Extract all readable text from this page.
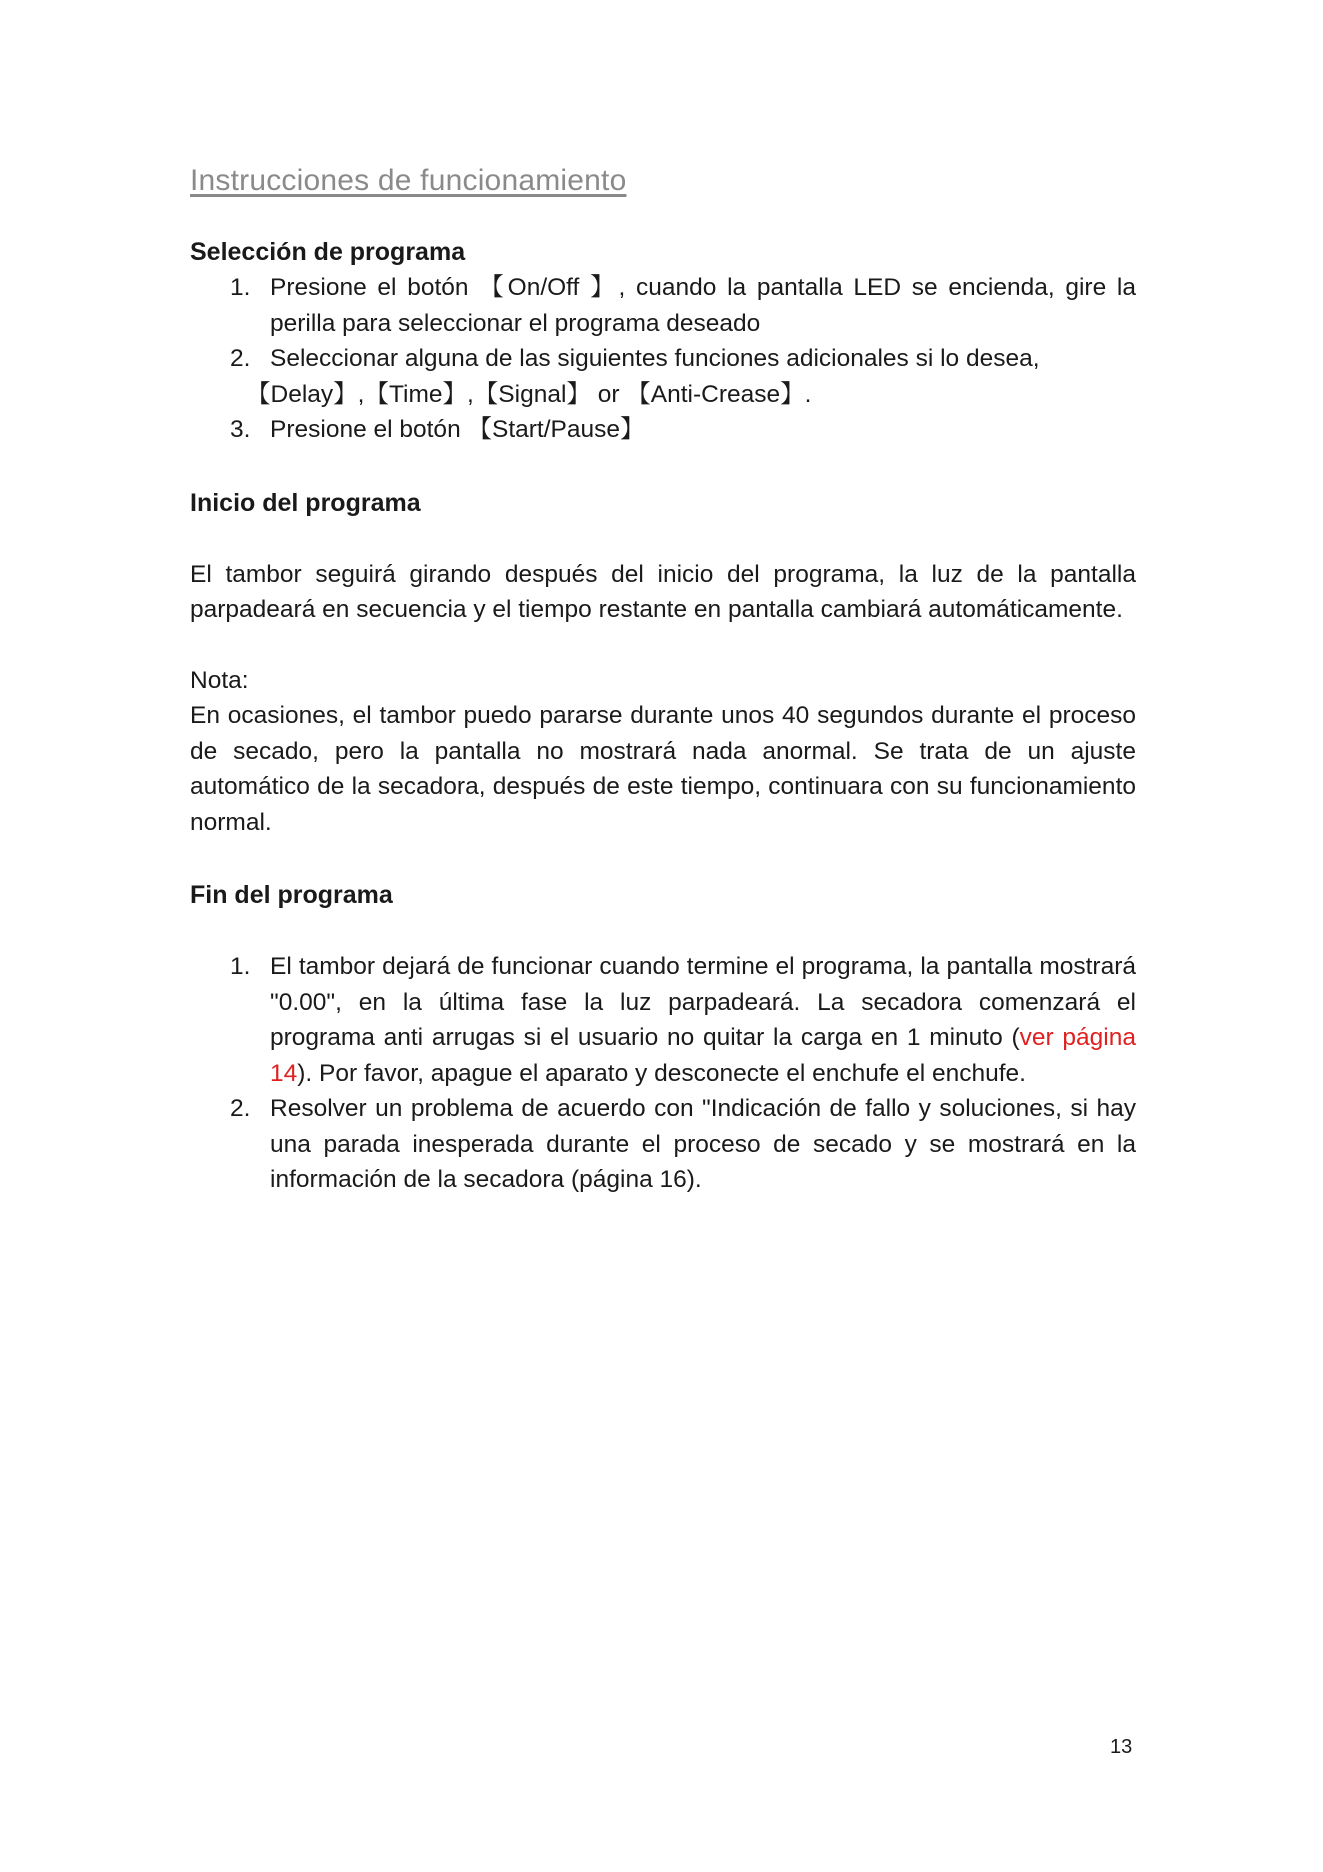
Instrucciones de funcionamiento
Selección de programa
1. Presione el botón 【On/Off 】, cuando la pantalla LED se encienda, gire la perilla para seleccionar el programa deseado
2. Seleccionar alguna de las siguientes funciones adicionales si lo desea,
【Delay】,【Time】,【Signal】 or 【Anti-Crease】.
3. Presione el botón 【Start/Pause】
Inicio del programa

El tambor seguirá girando después del inicio del programa, la luz de la pantalla parpadeará en secuencia y el tiempo restante en pantalla cambiará automáticamente.

Nota:

En ocasiones, el tambor puedo pararse durante unos 40 segundos durante el proceso de secado, pero la pantalla no mostrará nada anormal. Se trata de un ajuste automático de la secadora, después de este tiempo, continuara con su funcionamiento normal.

Fin del programa
1. El tambor dejará de funcionar cuando termine el programa, la pantalla mostrará "0.00", en la última fase la luz parpadeará. La secadora comenzará el programa anti arrugas si el usuario no quitar la carga en 1 minuto (ver página 14). Por favor, apague el aparato y desconecte el enchufe el enchufe.
2. Resolver un problema de acuerdo con "Indicación de fallo y soluciones, si hay una parada inesperada durante el proceso de secado y se mostrará en la información de la secadora (página 16).
13
